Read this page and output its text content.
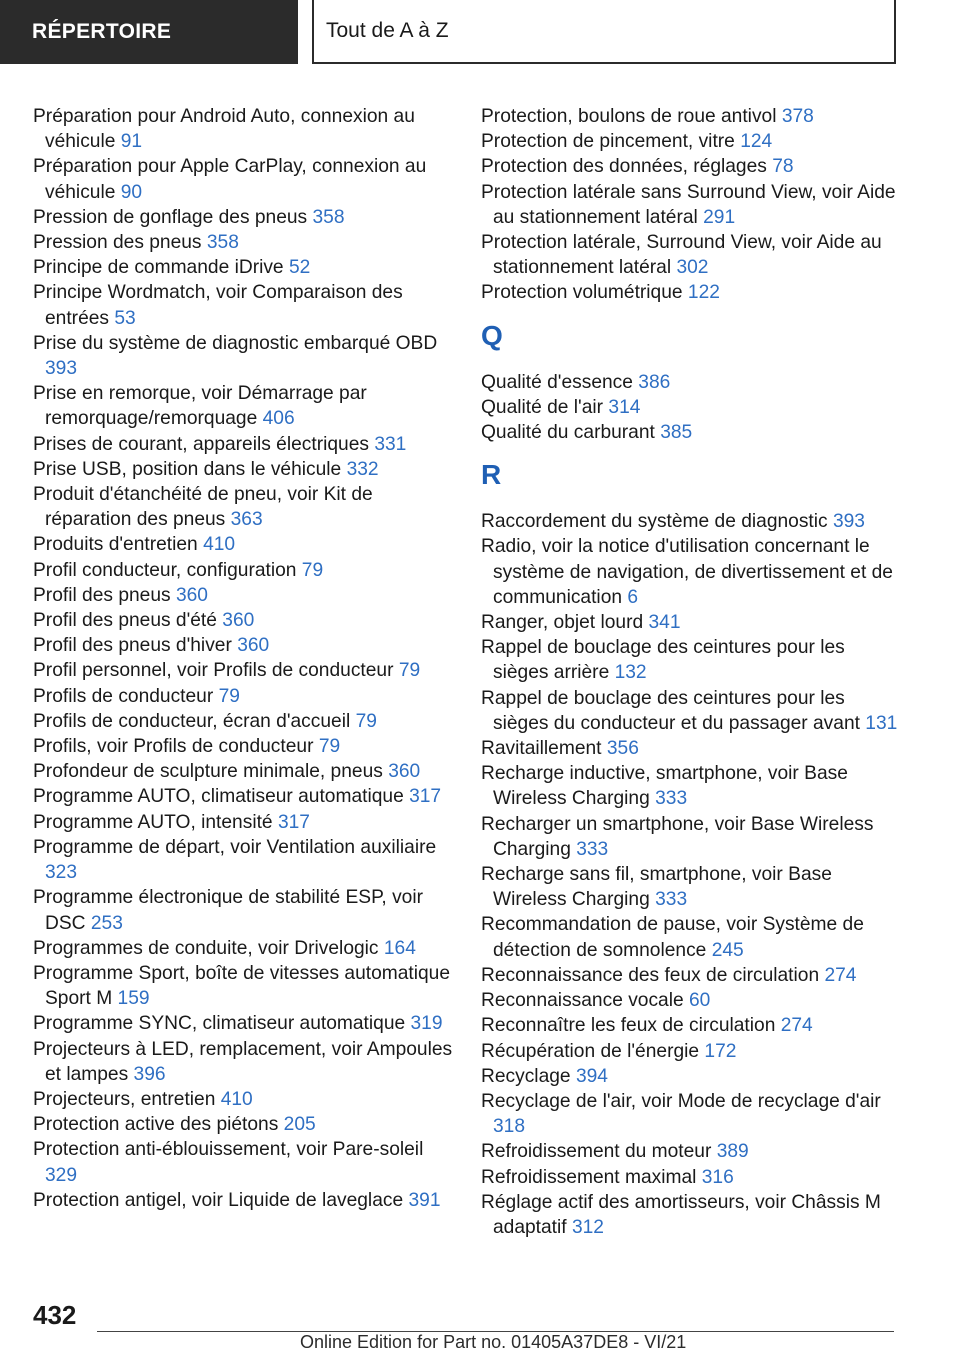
RÉPERTOIRE	Tout de A à Z
Préparation pour Android Auto, connexion au véhicule 91
Préparation pour Apple CarPlay, connexion au véhicule 90
Pression de gonflage des pneus 358
Pression des pneus 358
Principe de commande iDrive 52
Principe Wordmatch, voir Comparaison des entrées 53
Prise du système de diagnostic embarqué OBD 393
Prise en remorque, voir Démarrage par remorquage/remorquage 406
Prises de courant, appareils électriques 331
Prise USB, position dans le véhicule 332
Produit d'étanchéité de pneu, voir Kit de réparation des pneus 363
Produits d'entretien 410
Profil conducteur, configuration 79
Profil des pneus 360
Profil des pneus d'été 360
Profil des pneus d'hiver 360
Profil personnel, voir Profils de conducteur 79
Profils de conducteur 79
Profils de conducteur, écran d'accueil 79
Profils, voir Profils de conducteur 79
Profondeur de sculpture minimale, pneus 360
Programme AUTO, climatiseur automatique 317
Programme AUTO, intensité 317
Programme de départ, voir Ventilation auxiliaire 323
Programme électronique de stabilité ESP, voir DSC 253
Programmes de conduite, voir Drivelogic 164
Programme Sport, boîte de vitesses automatique Sport M 159
Programme SYNC, climatiseur automatique 319
Projecteurs à LED, remplacement, voir Ampoules et lampes 396
Projecteurs, entretien 410
Protection active des piétons 205
Protection anti-éblouissement, voir Pare-soleil 329
Protection antigel, voir Liquide de laveglace 391
Protection, boulons de roue antivol 378
Protection de pincement, vitre 124
Protection des données, réglages 78
Protection latérale sans Surround View, voir Aide au stationnement latéral 291
Protection latérale, Surround View, voir Aide au stationnement latéral 302
Protection volumétrique 122
Q
Qualité d'essence 386
Qualité de l'air 314
Qualité du carburant 385
R
Raccordement du système de diagnostic 393
Radio, voir la notice d'utilisation concernant le système de navigation, de divertissement et de communication 6
Ranger, objet lourd 341
Rappel de bouclage des ceintures pour les sièges arrière 132
Rappel de bouclage des ceintures pour les sièges du conducteur et du passager avant 131
Ravitaillement 356
Recharge inductive, smartphone, voir Base Wireless Charging 333
Recharger un smartphone, voir Base Wireless Charging 333
Recharge sans fil, smartphone, voir Base Wireless Charging 333
Recommandation de pause, voir Système de détection de somnolence 245
Reconnaissance des feux de circulation 274
Reconnaissance vocale 60
Reconnaître les feux de circulation 274
Récupération de l'énergie 172
Recyclage 394
Recyclage de l'air, voir Mode de recyclage d'air 318
Refroidissement du moteur 389
Refroidissement maximal 316
Réglage actif des amortisseurs, voir Châssis M adaptatif 312
432
Online Edition for Part no. 01405A37DE8 - VI/21
